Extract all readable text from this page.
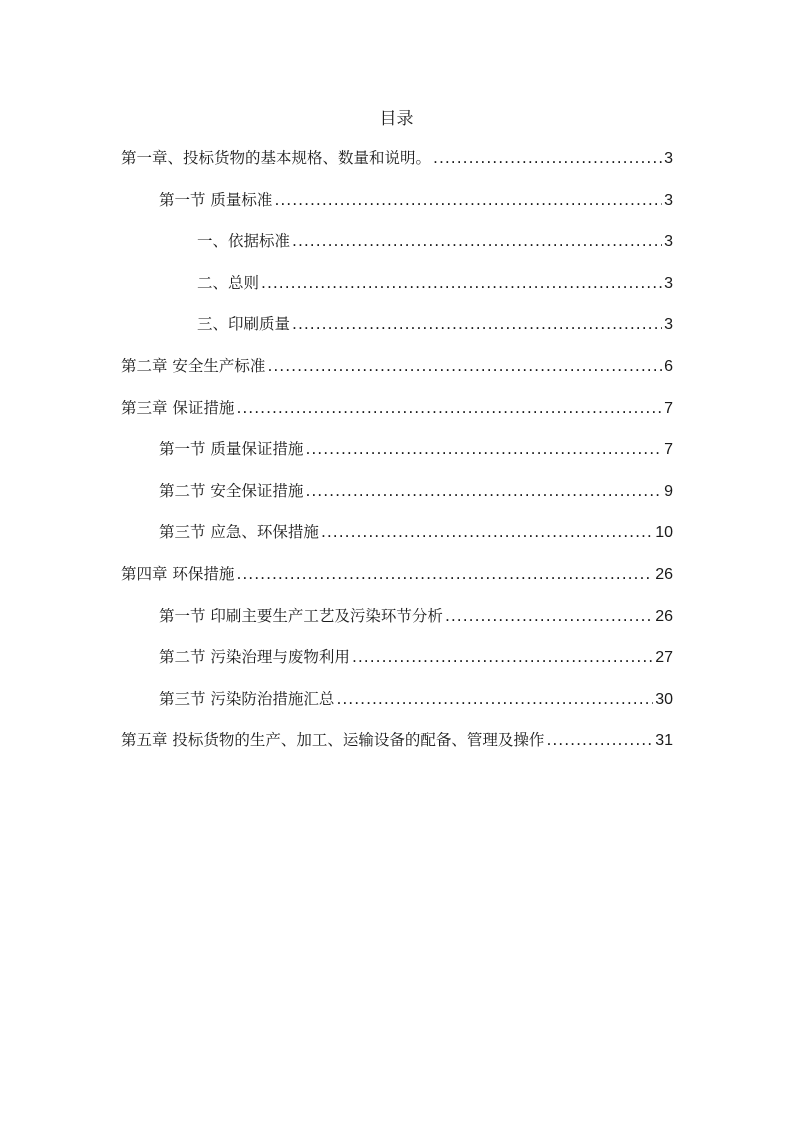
目录
第一章、投标货物的基本规格、数量和说明。 .....	3
第一节 质量标准 .....	3
一、依据标准 .....	3
二、总则 .....	3
三、印刷质量 .....	3
第二章 安全生产标准 .....	6
第三章 保证措施 .....	7
第一节 质量保证措施 .....	7
第二节 安全保证措施 .....	9
第三节 应急、环保措施 .....	10
第四章 环保措施 .....	26
第一节 印刷主要生产工艺及污染环节分析 .....	26
第二节 污染治理与废物利用 .....	27
第三节 污染防治措施汇总 .....	30
第五章 投标货物的生产、加工、运输设备的配备、管理及操作 .....	31
